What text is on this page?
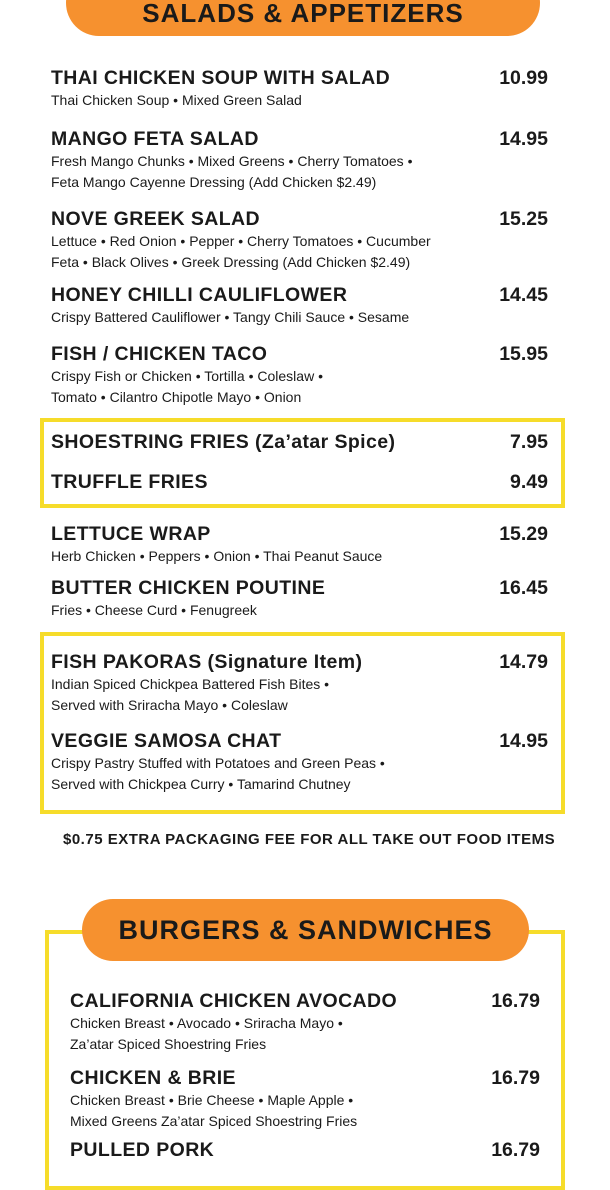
SALADS & APPETIZERS
THAI CHICKEN SOUP WITH SALAD	10.99
Thai Chicken Soup • Mixed Green Salad
MANGO FETA SALAD	14.95
Fresh Mango Chunks • Mixed Greens • Cherry Tomatoes •
Feta Mango Cayenne Dressing (Add Chicken $2.49)
NOVE GREEK SALAD	15.25
Lettuce • Red Onion • Pepper • Cherry Tomatoes • Cucumber
Feta • Black Olives • Greek Dressing (Add Chicken $2.49)
HONEY CHILLI CAULIFLOWER	14.45
Crispy Battered Cauliflower • Tangy Chili Sauce • Sesame
FISH / CHICKEN TACO	15.95
Crispy Fish or Chicken • Tortilla • Coleslaw •
Tomato • Cilantro Chipotle Mayo • Onion
SHOESTRING FRIES (Za’atar Spice)	7.95
TRUFFLE FRIES	9.49
LETTUCE WRAP	15.29
Herb Chicken • Peppers • Onion • Thai Peanut Sauce
BUTTER CHICKEN POUTINE	16.45
Fries • Cheese Curd • Fenugreek
FISH PAKORAS (Signature Item)	14.79
Indian Spiced Chickpea Battered Fish Bites •
Served with Sriracha Mayo • Coleslaw
VEGGIE SAMOSA CHAT	14.95
Crispy Pastry Stuffed with Potatoes and Green Peas •
Served with Chickpea Curry • Tamarind Chutney
$0.75 EXTRA PACKAGING FEE FOR ALL TAKE OUT FOOD ITEMS
BURGERS & SANDWICHES
CALIFORNIA CHICKEN AVOCADO	16.79
Chicken Breast • Avocado • Sriracha Mayo •
Za’atar Spiced Shoestring Fries
CHICKEN & BRIE	16.79
Chicken Breast • Brie Cheese • Maple Apple •
Mixed Greens Za’atar Spiced Shoestring Fries
PULLED PORK	16.79
